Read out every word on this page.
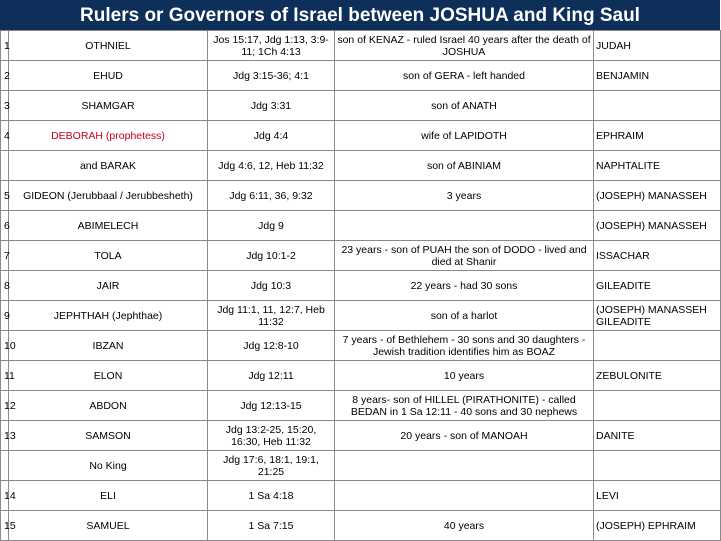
Rulers or Governors of Israel between JOSHUA and King Saul
1	OTHNIEL	Jos 15:17, Jdg 1:13, 3:9-11; 1Ch 4:13	son of KENAZ - ruled Israel 40 years after the death of JOSHUA	JUDAH
2	EHUD	Jdg 3:15-36; 4:1	son of GERA - left handed	BENJAMIN
3	SHAMGAR	Jdg 3:31	son of ANATH	
4	DEBORAH (prophetess)	Jdg 4:4	wife of LAPIDOTH	EPHRAIM
	and BARAK	Jdg 4:6, 12, Heb 11:32	son of ABINIAM	NAPHTALITE
5	GIDEON (Jerubbaal / Jerubbesheth)	Jdg 6:11, 36, 9:32	3 years	(JOSEPH) MANASSEH
6	ABIMELECH	Jdg 9		(JOSEPH) MANASSEH
7	TOLA	Jdg 10:1-2	23 years - son of PUAH the son of DODO - lived and died at Shanir	ISSACHAR
8	JAIR	Jdg 10:3	22 years - had 30 sons	GILEADITE
9	JEPHTHAH (Jephthae)	Jdg 11:1, 11, 12:7, Heb 11:32	son of a harlot	(JOSEPH) MANASSEH GILEADITE
10	IBZAN	Jdg 12:8-10	7 years - of Bethlehem - 30 sons and 30 daughters - Jewish tradition identifies him as BOAZ	
11	ELON	Jdg 12:11	10 years	ZEBULONITE
12	ABDON	Jdg 12:13-15	8 years- son of HILLEL (PIRATHONITE) - called BEDAN in 1 Sa 12:11 - 40 sons and 30 nephews	
13	SAMSON	Jdg 13:2-25, 15:20, 16:30, Heb 11:32	20 years - son of MANOAH	DANITE
	No King	Jdg 17:6, 18:1, 19:1, 21:25		
14	ELI	1 Sa 4:18		LEVI
15	SAMUEL	1 Sa 7:15	40 years	(JOSEPH) EPHRAIM
